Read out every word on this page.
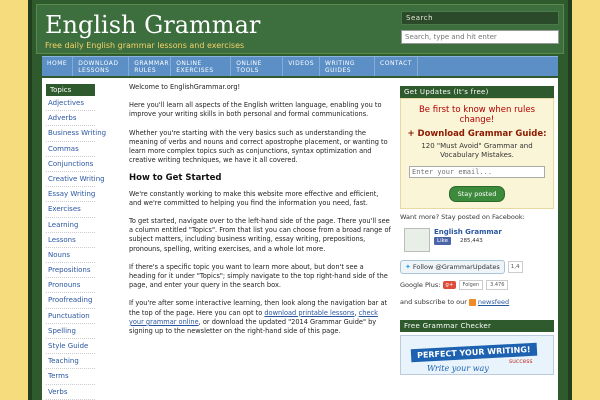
English Grammar
Free daily English grammar lessons and exercises
Search
Search, type and hit enter
HOME	DOWNLOAD LESSONS
GRAMMAR RULES
ONLINE EXERCISES
ONLINE TOOLS
VIDEOS	WRITING GUIDES
CONTACT
Topics
Adjectives
Adverbs
Business Writing
Commas
Conjunctions
Creative Writing
Essay Writing
Exercises
Learning
Lessons
Nouns
Prepositions
Pronouns
Proofreading
Punctuation
Spelling
Style Guide
Teaching
Terms
Verbs

Welcome to EnglishGrammar.org!

Here you'll learn all aspects of the English written language, enabling you to improve your writing skills in both personal and formal communications.

Whether you're starting with the very basics such as understanding the meaning of verbs and nouns and correct apostrophe placement, or wanting to learn more complex topics such as conjunctions, syntax optimization and creative writing techniques, we have it all covered.

How to Get Started

We're constantly working to make this website more effective and efficient, and we're committed to helping you find the information you need, fast.

To get started, navigate over to the left-hand side of the page. There you'll see a column entitled "Topics". From that list you can choose from a broad range of subject matters, including business writing, essay writing, prepositions, pronouns, spelling, writing exercises, and a whole lot more.

If there's a specific topic you want to learn more about, but don't see a heading for it under "Topics"; simply navigate to the top right-hand side of the page, and enter your query in the search box.

If you're after some interactive learning, then look along the navigation bar at the top of the page. Here you can opt to download printable lessons, check your grammar online, or download the updated "2014 Grammar Guide" by signing up to the newsletter on the right-hand side of this page.

Get Updates (It's free)
Be first to know when rules change!
+ Download Grammar Guide:
120 "Must Avoid" Grammar and Vocabulary Mistakes.
Enter your email... Stay posted
Want more? Stay posted on Facebook:
English Grammar
Like	285,443
✦ Follow @GrammarUpdates	1,4
Google Plus: g+	Folgen	3.476
and subscribe to our newsfeed
Free Grammar Checker
PERFECT YOUR WRITING!
Write your way
success
